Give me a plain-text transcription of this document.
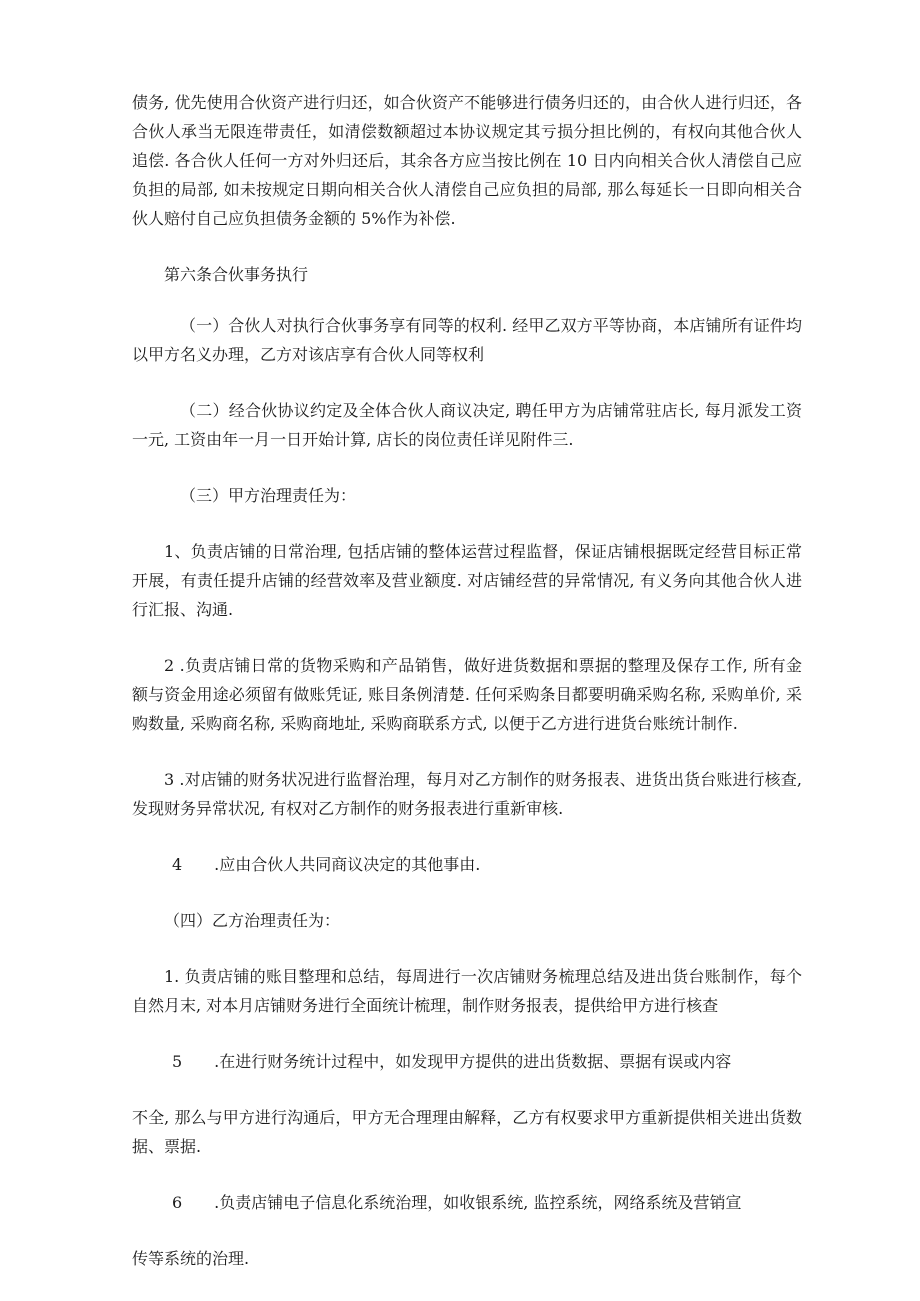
债务, 优先使用合伙资产进行归还，如合伙资产不能够进行债务归还的，由合伙人进行归还，各合伙人承当无限连带责任，如清偿数额超过本协议规定其亏损分担比例的，有权向其他合伙人追偿. 各合伙人任何一方对外归还后，其余各方应当按比例在 10 日内向相关合伙人清偿自己应负担的局部, 如未按规定日期向相关合伙人清偿自己应负担的局部, 那么每延长一日即向相关合伙人赔付自己应负担债务金额的 5%作为补偿.

第六条合伙事务执行

（一）合伙人对执行合伙事务享有同等的权利. 经甲乙双方平等协商，本店铺所有证件均以甲方名义办理，乙方对该店享有合伙人同等权利

（二）经合伙协议约定及全体合伙人商议决定, 聘任甲方为店铺常驻店长, 每月派发工资一元, 工资由年一月一日开始计算, 店长的岗位责任详见附件三.

（三）甲方治理责任为：

1、负责店铺的日常治理, 包括店铺的整体运营过程监督，保证店铺根据既定经营目标正常开展，有责任提升店铺的经营效率及营业额度. 对店铺经营的异常情况, 有义务向其他合伙人进行汇报、沟通.

2 .负责店铺日常的货物采购和产品销售，做好进货数据和票据的整理及保存工作, 所有金额与资金用途必须留有做账凭证, 账目条例清楚. 任何采购条目都要明确采购名称, 采购单价, 采购数量, 采购商名称, 采购商地址, 采购商联系方式, 以便于乙方进行进货台账统计制作.

3 .对店铺的财务状况进行监督治理，每月对乙方制作的财务报表、进货出货台账进行核查, 发现财务异常状况, 有权对乙方制作的财务报表进行重新审核.

4　　.应由合伙人共同商议决定的其他事由.

（四）乙方治理责任为：

1. 负责店铺的账目整理和总结，每周进行一次店铺财务梳理总结及进出货台账制作，每个自然月末, 对本月店铺财务进行全面统计梳理，制作财务报表，提供给甲方进行核查

5　　.在进行财务统计过程中，如发现甲方提供的进出货数据、票据有误或内容

不全, 那么与甲方进行沟通后，甲方无合理理由解释，乙方有权要求甲方重新提供相关进出货数据、票据.

6　　.负责店铺电子信息化系统治理，如收银系统, 监控系统，网络系统及营销宣

传等系统的治理.
